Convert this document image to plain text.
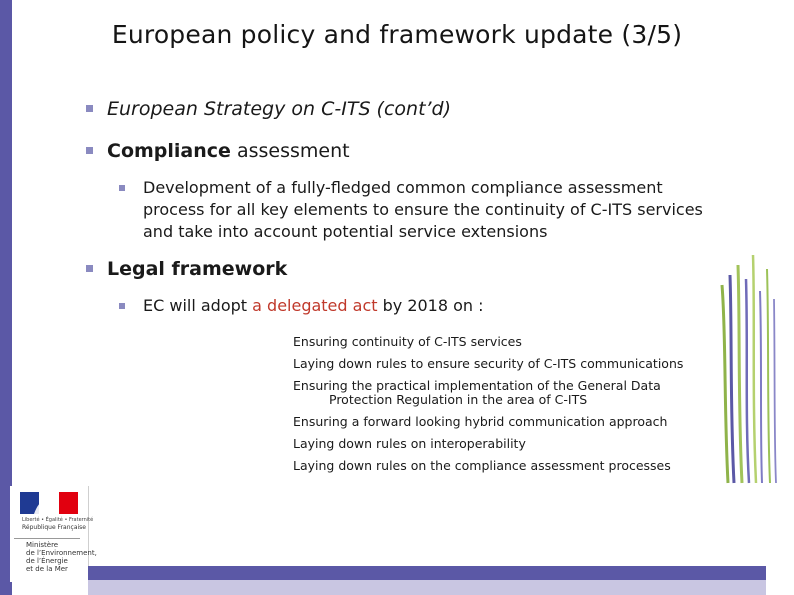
European policy and framework update (3/5)
European Strategy on C-ITS (cont’d)
Compliance assessment
Development of a fully-fledged common compliance assessment
process for all key elements to ensure the continuity of C-ITS services
and take into account potential service extensions
Legal framework
EC will adopt a delegated act by 2018 on :
Ensuring continuity of C-ITS services
Laying down rules to ensure security of C-ITS communications
Ensuring the practical implementation of the General Data
Protection Regulation in the area of C-ITS
Ensuring a forward looking hybrid communication approach
Laying down rules on interoperability
Laying down rules on the compliance assessment processes
Liberté • Égalité • Fraternité
République Française
Ministère
de l’Environnement,
de l’Énergie
et de la Mer
